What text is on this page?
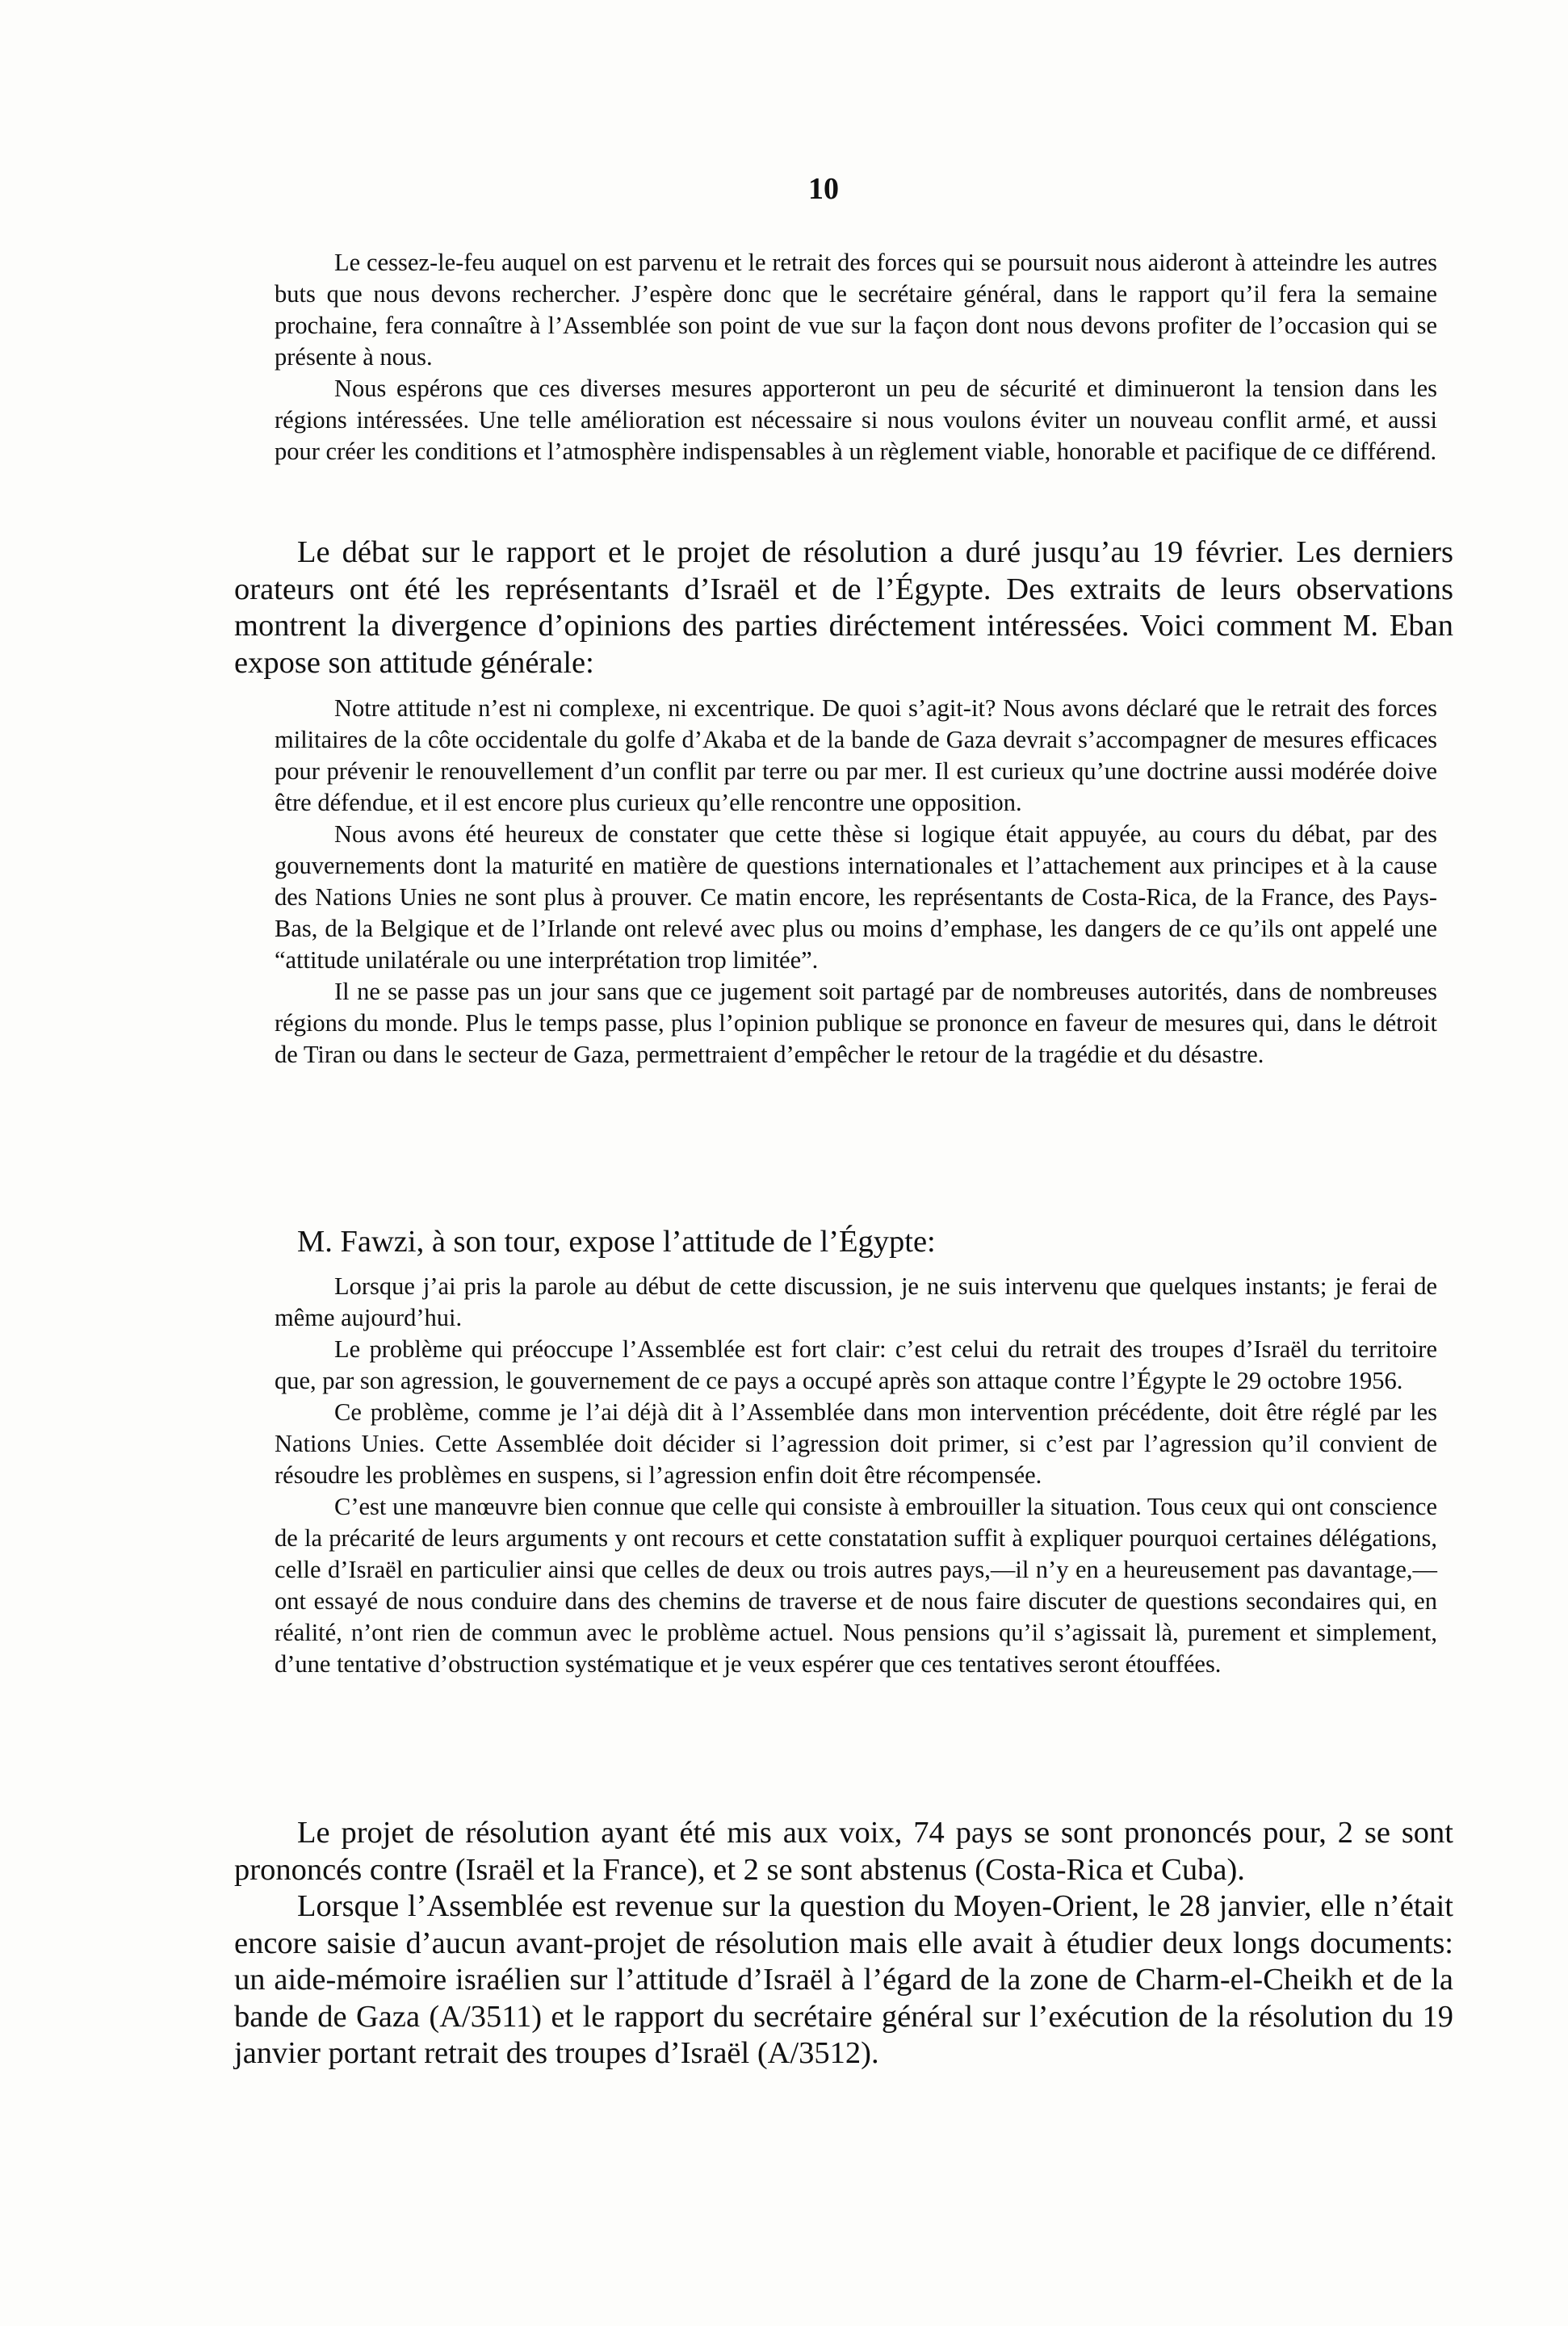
10

Le cessez-le-feu auquel on est parvenu et le retrait des forces qui se poursuit nous aideront à atteindre les autres buts que nous devons rechercher. J’espère donc que le secrétaire général, dans le rapport qu’il fera la semaine prochaine, fera connaître à l’Assemblée son point de vue sur la façon dont nous devons profiter de l’occasion qui se présente à nous.

Nous espérons que ces diverses mesures apporteront un peu de sécurité et diminueront la tension dans les régions intéressées. Une telle amélioration est nécessaire si nous voulons éviter un nouveau conflit armé, et aussi pour créer les conditions et l’atmosphère indispensables à un règlement viable, honorable et pacifique de ce différend.

Le débat sur le rapport et le projet de résolution a duré jusqu’au 19 février. Les derniers orateurs ont été les représentants d’Israël et de l’Égypte. Des extraits de leurs observations montrent la divergence d’opinions des parties diréctement intéressées. Voici comment M. Eban expose son attitude générale:

Notre attitude n’est ni complexe, ni excentrique. De quoi s’agit-it? Nous avons déclaré que le retrait des forces militaires de la côte occidentale du golfe d’Akaba et de la bande de Gaza devrait s’accompagner de mesures efficaces pour prévenir le renouvellement d’un conflit par terre ou par mer. Il est curieux qu’une doctrine aussi modérée doive être défendue, et il est encore plus curieux qu’elle rencontre une opposition.

Nous avons été heureux de constater que cette thèse si logique était appuyée, au cours du débat, par des gouvernements dont la maturité en matière de questions internationales et l’attachement aux principes et à la cause des Nations Unies ne sont plus à prouver. Ce matin encore, les représentants de Costa-Rica, de la France, des Pays-Bas, de la Belgique et de l’Irlande ont relevé avec plus ou moins d’emphase, les dangers de ce qu’ils ont appelé une “attitude unilatérale ou une interprétation trop limitée”.

Il ne se passe pas un jour sans que ce jugement soit partagé par de nombreuses autorités, dans de nombreuses régions du monde. Plus le temps passe, plus l’opinion publique se prononce en faveur de mesures qui, dans le détroit de Tiran ou dans le secteur de Gaza, permettraient d’empêcher le retour de la tragédie et du désastre.

M. Fawzi, à son tour, expose l’attitude de l’Égypte:

Lorsque j’ai pris la parole au début de cette discussion, je ne suis intervenu que quelques instants; je ferai de même aujourd’hui.

Le problème qui préoccupe l’Assemblée est fort clair: c’est celui du retrait des troupes d’Israël du territoire que, par son agression, le gouvernement de ce pays a occupé après son attaque contre l’Égypte le 29 octobre 1956.

Ce problème, comme je l’ai déjà dit à l’Assemblée dans mon intervention précédente, doit être réglé par les Nations Unies. Cette Assemblée doit décider si l’agression doit primer, si c’est par l’agression qu’il convient de résoudre les problèmes en suspens, si l’agression enfin doit être récompensée.

C’est une manœuvre bien connue que celle qui consiste à embrouiller la situation. Tous ceux qui ont conscience de la précarité de leurs arguments y ont recours et cette constatation suffit à expliquer pourquoi certaines délégations, celle d’Israël en particulier ainsi que celles de deux ou trois autres pays,—il n’y en a heureusement pas davantage,— ont essayé de nous conduire dans des chemins de traverse et de nous faire discuter de questions secondaires qui, en réalité, n’ont rien de commun avec le problème actuel. Nous pensions qu’il s’agissait là, purement et simplement, d’une tentative d’obstruction systématique et je veux espérer que ces tentatives seront étouffées.

Le projet de résolution ayant été mis aux voix, 74 pays se sont prononcés pour, 2 se sont prononcés contre (Israël et la France), et 2 se sont abstenus (Costa-Rica et Cuba).

Lorsque l’Assemblée est revenue sur la question du Moyen-Orient, le 28 janvier, elle n’était encore saisie d’aucun avant-projet de résolution mais elle avait à étudier deux longs documents: un aide-mémoire israélien sur l’attitude d’Israël à l’égard de la zone de Charm-el-Cheikh et de la bande de Gaza (A/3511) et le rapport du secrétaire général sur l’exécution de la résolution du 19 janvier portant retrait des troupes d’Israël (A/3512).
